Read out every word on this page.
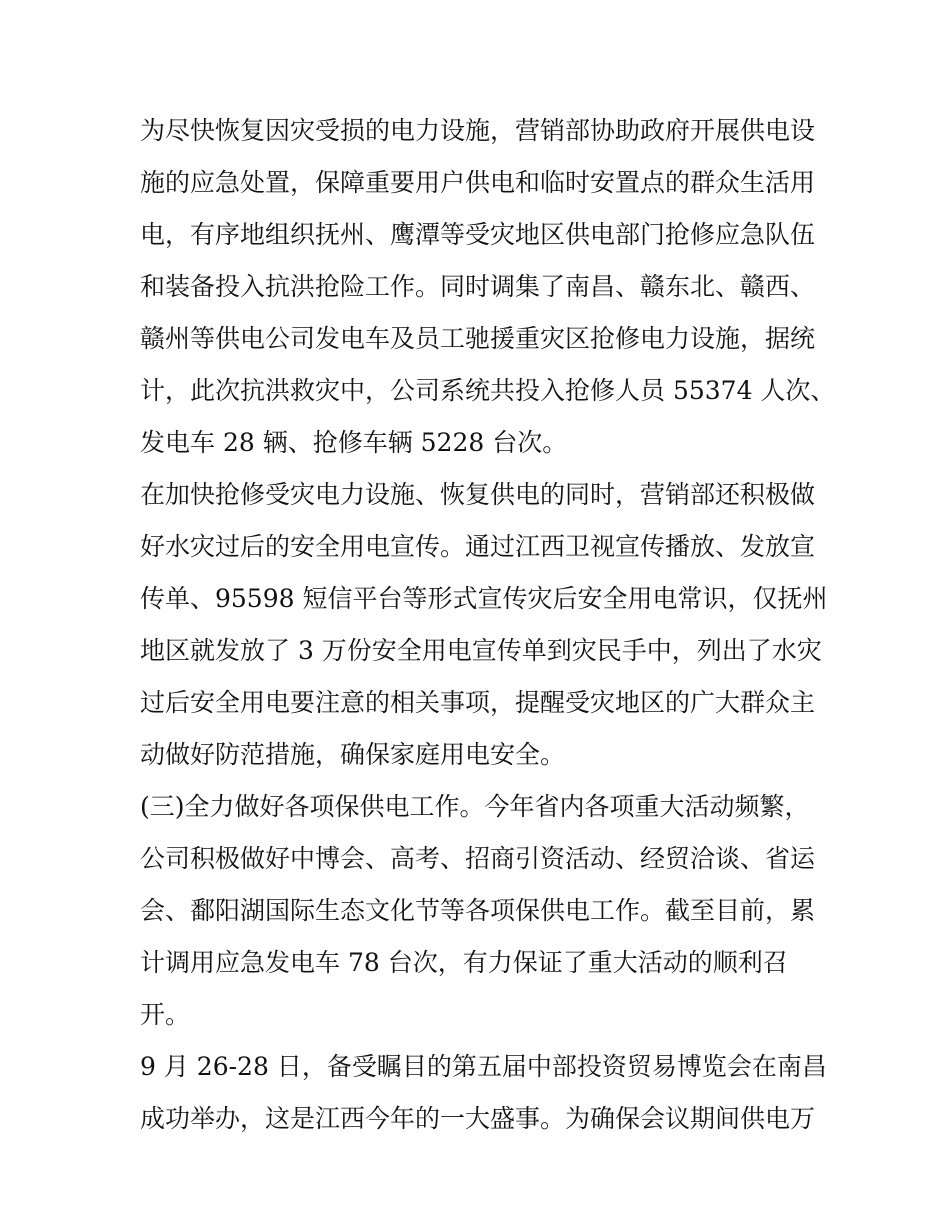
为尽快恢复因灾受损的电力设施，营销部协助政府开展供电设
施的应急处置，保障重要用户供电和临时安置点的群众生活用
电，有序地组织抚州、鹰潭等受灾地区供电部门抢修应急队伍
和装备投入抗洪抢险工作。同时调集了南昌、赣东北、赣西、
赣州等供电公司发电车及员工驰援重灾区抢修电力设施，据统
计，此次抗洪救灾中，公司系统共投入抢修人员 55374 人次、
发电车 28 辆、抢修车辆 5228 台次。
在加快抢修受灾电力设施、恢复供电的同时，营销部还积极做
好水灾过后的安全用电宣传。通过江西卫视宣传播放、发放宣
传单、95598 短信平台等形式宣传灾后安全用电常识，仅抚州
地区就发放了 3 万份安全用电宣传单到灾民手中，列出了水灾
过后安全用电要注意的相关事项，提醒受灾地区的广大群众主
动做好防范措施，确保家庭用电安全。
(三)全力做好各项保供电工作。今年省内各项重大活动频繁，
公司积极做好中博会、高考、招商引资活动、经贸洽谈、省运
会、鄱阳湖国际生态文化节等各项保供电工作。截至目前，累
计调用应急发电车 78 台次，有力保证了重大活动的顺利召
开。
9 月 26-28 日，备受瞩目的第五届中部投资贸易博览会在南昌
成功举办，这是江西今年的一大盛事。为确保会议期间供电万
